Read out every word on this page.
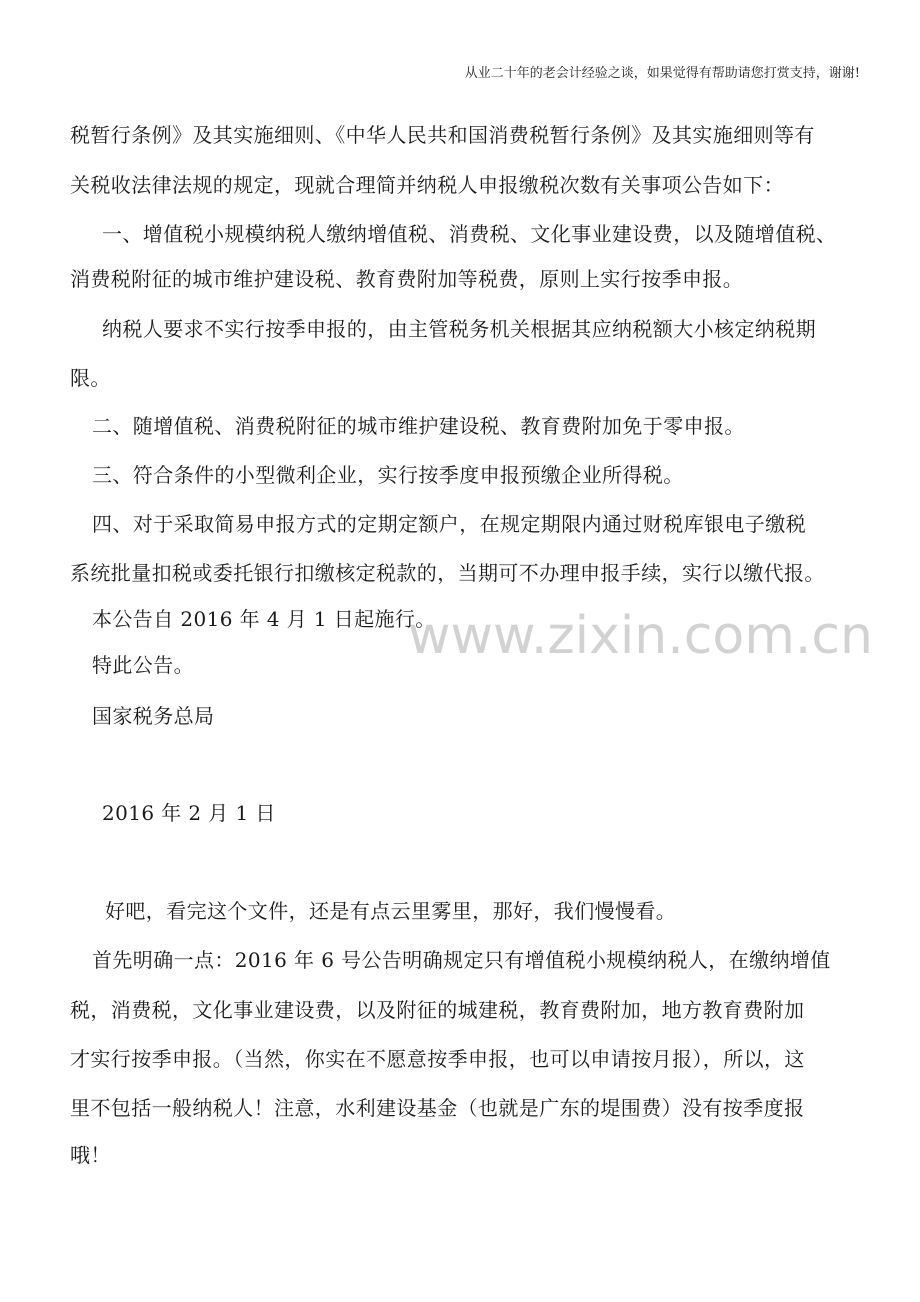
从业二十年的老会计经验之谈，如果觉得有帮助请您打赏支持，谢谢!
www.zixin.com.cn
税暂行条例》及其实施细则、《中华人民共和国消费税暂行条例》及其实施细则等有
关税收法律法规的规定，现就合理简并纳税人申报缴税次数有关事项公告如下：
一、增值税小规模纳税人缴纳增值税、消费税、文化事业建设费，以及随增值税、
消费税附征的城市维护建设税、教育费附加等税费，原则上实行按季申报。
纳税人要求不实行按季申报的，由主管税务机关根据其应纳税额大小核定纳税期
限。
二、随增值税、消费税附征的城市维护建设税、教育费附加免于零申报。
三、符合条件的小型微利企业，实行按季度申报预缴企业所得税。
四、对于采取简易申报方式的定期定额户，在规定期限内通过财税库银电子缴税
系统批量扣税或委托银行扣缴核定税款的，当期可不办理申报手续，实行以缴代报。
本公告自 2016 年 4 月 1 日起施行。
特此公告。
国家税务总局
2016 年 2 月 1 日
好吧，看完这个文件，还是有点云里雾里，那好，我们慢慢看。
首先明确一点：2016 年 6 号公告明确规定只有增值税小规模纳税人，在缴纳增值
税，消费税，文化事业建设费，以及附征的城建税，教育费附加，地方教育费附加
才实行按季申报。（当然，你实在不愿意按季申报，也可以申请按月报），所以，这
里不包括一般纳税人！注意，水利建设基金（也就是广东的堤围费）没有按季度报
哦！
